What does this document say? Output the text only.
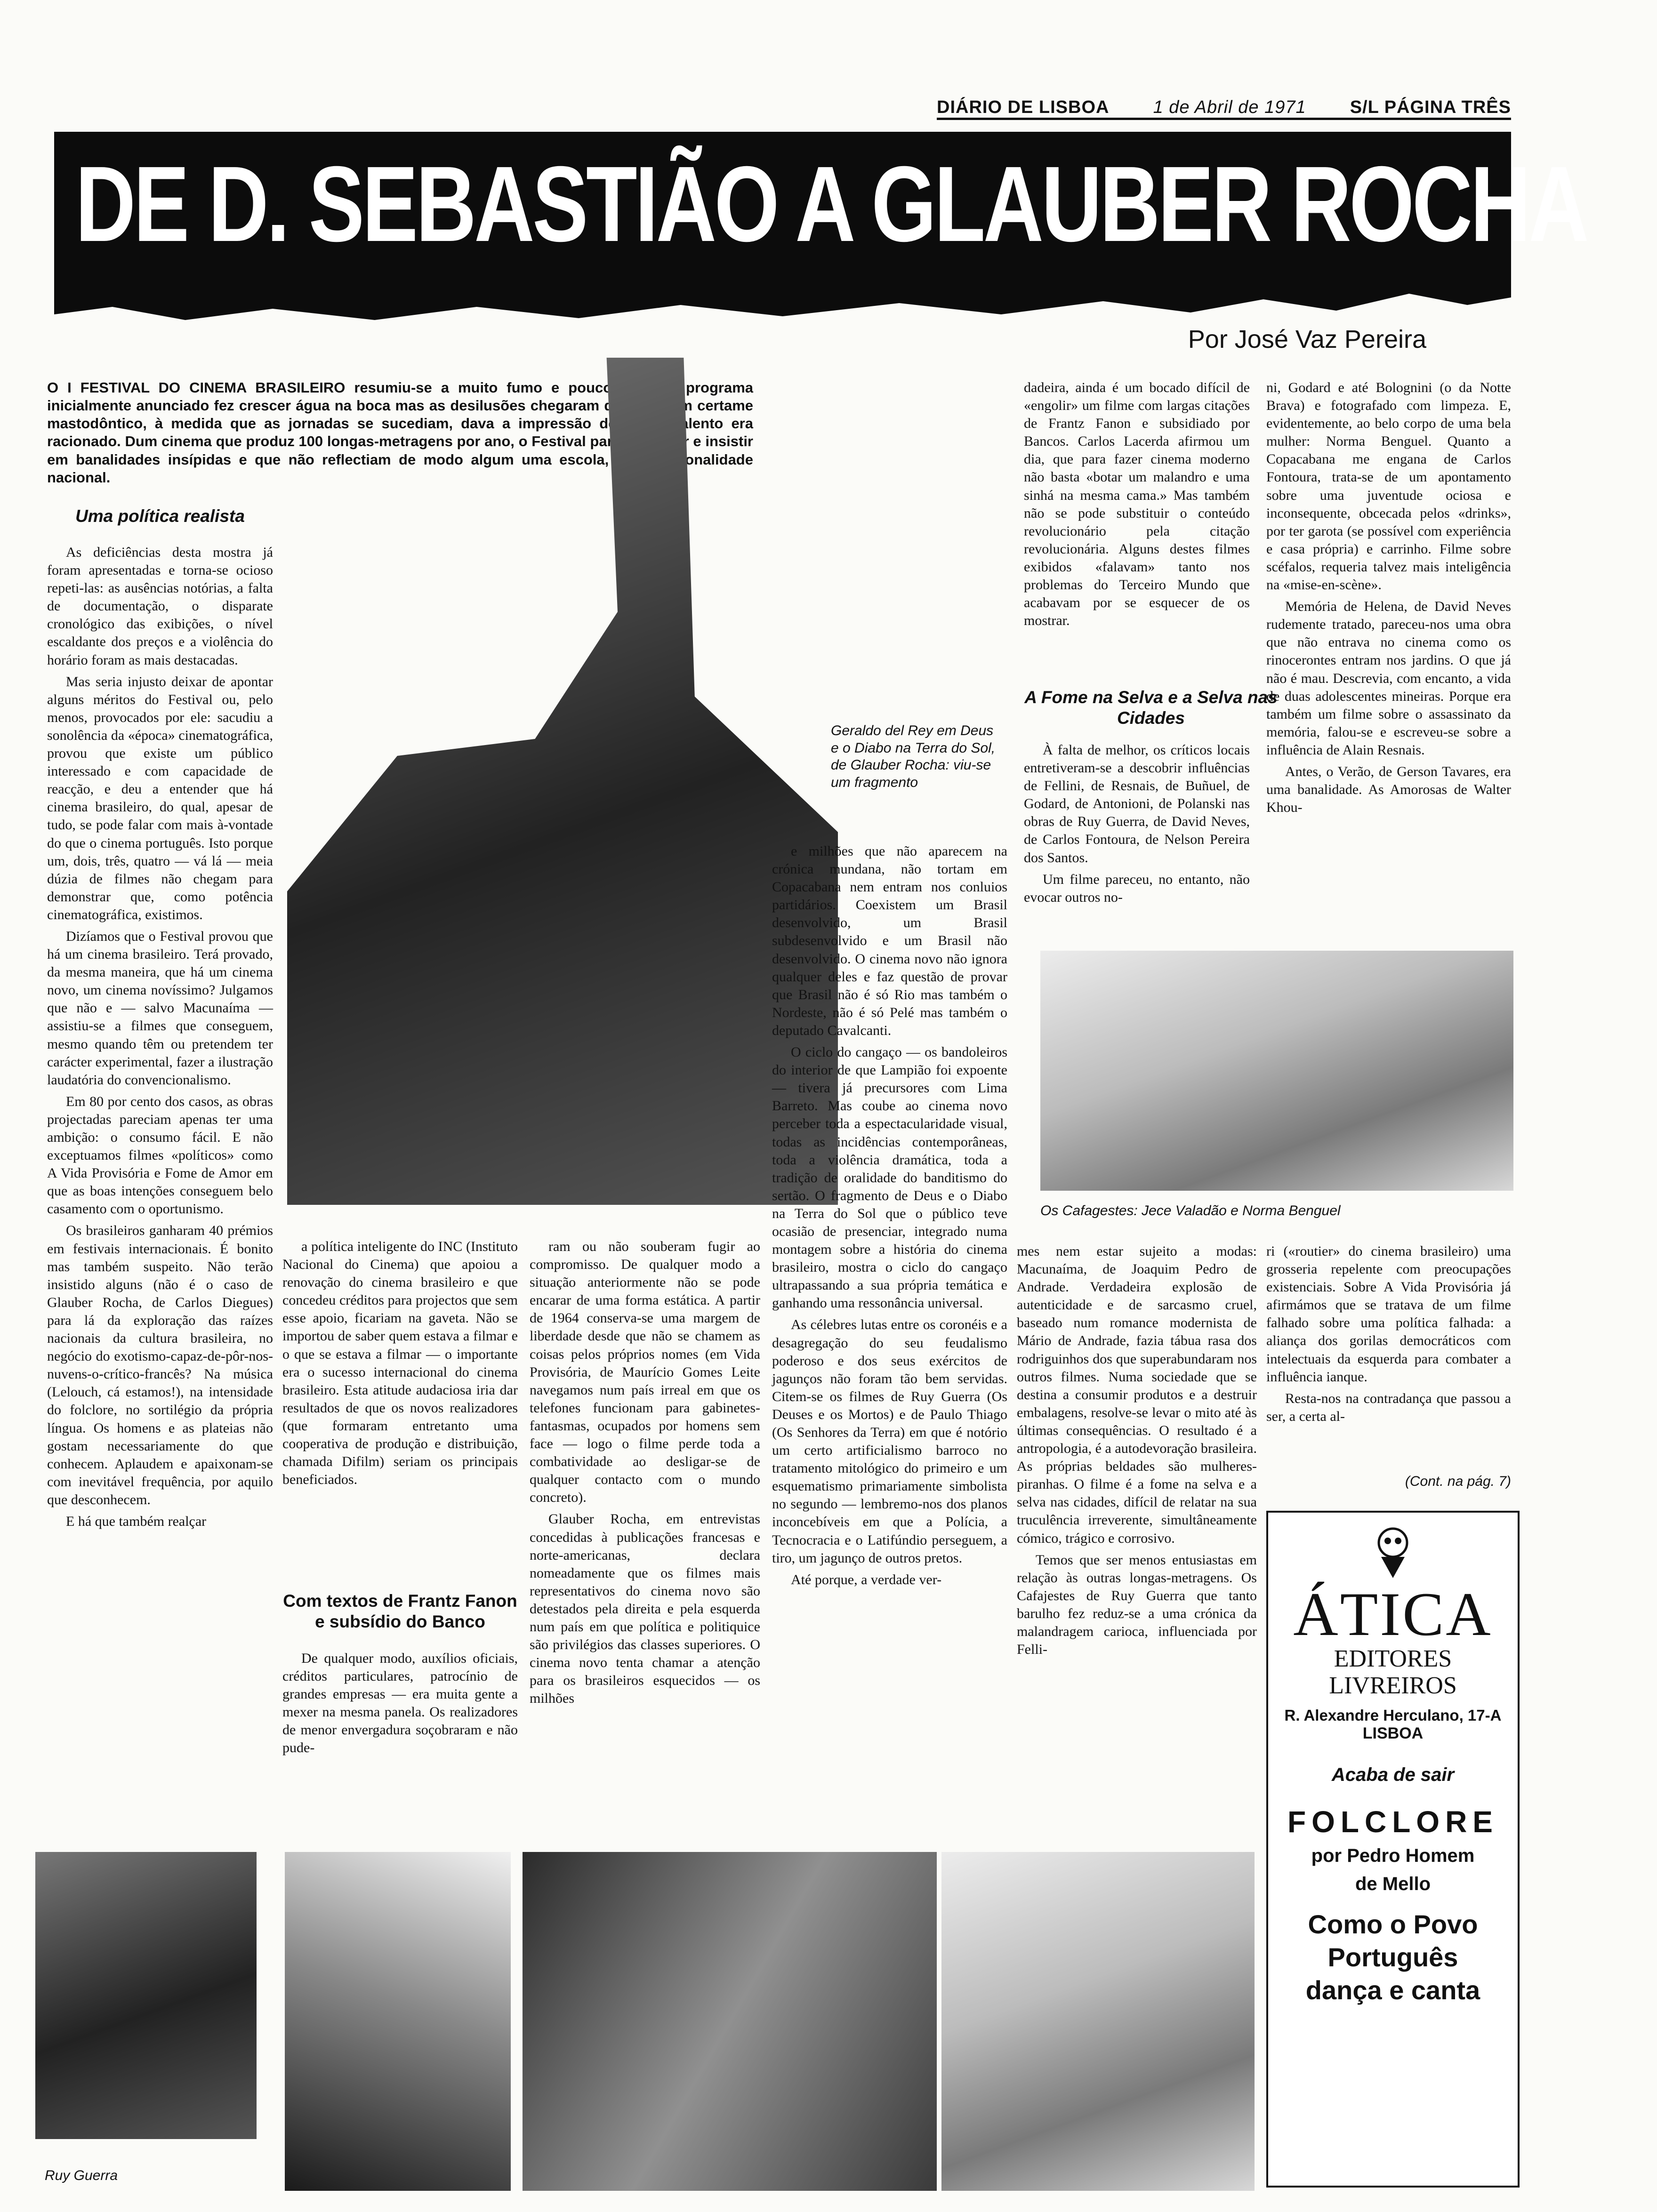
DIÁRIO DE LISBOA 1 de Abril de 1971 S/L PÁGINA TRÊS
DE D. SEBASTIÃO A GLAUBER ROCHA
Por José Vaz Pereira
O I FESTIVAL DO CINEMA BRASILEIRO resumiu-se a muito fumo e pouco fogo. O programa inicialmente anunciado fez crescer água na boca mas as desilusões chegaram depois. Num certame mastodôntico, à medida que as jornadas se sucediam, dava a impressão de que o talento era racionado. Dum cinema que produz 100 longas-metragens por ano, o Festival parecia teimar e insistir em banalidades insípidas e que não reflectiam de modo algum uma escola, uma personalidade nacional.
Geraldo del Rey em Deus e o Diabo na Terra do Sol, de Glauber Rocha: viu-se um fragmento
Uma política realista

As deficiências desta mostra já foram apresentadas e torna-se ocioso repeti-las: as ausências notórias, a falta de documentação, o disparate cronológico das exibições, o nível escaldante dos preços e a violência do horário foram as mais destacadas.

Mas seria injusto deixar de apontar alguns méritos do Festival ou, pelo menos, provocados por ele: sacudiu a sonolência da «época» cinematográfica, provou que existe um público interessado e com capacidade de reacção, e deu a entender que há cinema brasileiro, do qual, apesar de tudo, se pode falar com mais à-vontade do que o cinema português. Isto porque um, dois, três, quatro — vá lá — meia dúzia de filmes não chegam para demonstrar que, como potência cinematográfica, existimos.

Dizíamos que o Festival provou que há um cinema brasileiro. Terá provado, da mesma maneira, que há um cinema novo, um cinema novíssimo? Julgamos que não e — salvo Macunaíma — assistiu-se a filmes que conseguem, mesmo quando têm ou pretendem ter carácter experimental, fazer a ilustração laudatória do convencionalismo.

Em 80 por cento dos casos, as obras projectadas pareciam apenas ter uma ambição: o consumo fácil. E não exceptuamos filmes «políticos» como A Vida Provisória e Fome de Amor em que as boas intenções conseguem belo casamento com o oportunismo.

Os brasileiros ganharam 40 prémios em festivais internacionais. É bonito mas também suspeito. Não terão insistido alguns (não é o caso de Glauber Rocha, de Carlos Diegues) para lá da exploração das raízes nacionais da cultura brasileira, no negócio do exotismo-capaz-de-pôr-nos-nuvens-o-crítico-francês? Na música (Lelouch, cá estamos!), na intensidade do folclore, no sortilégio da própria língua. Os homens e as plateias não gostam necessariamente do que conhecem. Aplaudem e apaixonam-se com inevitável frequência, por aquilo que desconhecem.

E há que também realçar

a política inteligente do INC (Instituto Nacional do Cinema) que apoiou a renovação do cinema brasileiro e que concedeu créditos para projectos que sem esse apoio, ficariam na gaveta. Não se importou de saber quem estava a filmar e o que se estava a filmar — o importante era o sucesso internacional do cinema brasileiro. Esta atitude audaciosa iria dar resultados de que os novos realizadores (que formaram entretanto uma cooperativa de produção e distribuição, chamada Difilm) seriam os principais beneficiados.

Com textos de Frantz Fanon e subsídio do Banco

De qualquer modo, auxílios oficiais, créditos particulares, patrocínio de grandes empresas — era muita gente a mexer na mesma panela. Os realizadores de menor envergadura soçobraram e não pude-

ram ou não souberam fugir ao compromisso. De qualquer modo a situação anteriormente não se pode encarar de uma forma estática. A partir de 1964 conserva-se uma margem de liberdade desde que não se chamem as coisas pelos próprios nomes (em Vida Provisória, de Maurício Gomes Leite navegamos num país irreal em que os telefones funcionam para gabinetes-fantasmas, ocupados por homens sem face — logo o filme perde toda a combatividade ao desligar-se de qualquer contacto com o mundo concreto).

Glauber Rocha, em entrevistas concedidas à publicações francesas e norte-americanas, declara nomeadamente que os filmes mais representativos do cinema novo são detestados pela direita e pela esquerda num país em que política e politiquice são privilégios das classes superiores. O cinema novo tenta chamar a atenção para os brasileiros esquecidos — os milhões

e milhões que não aparecem na crónica mundana, não tortam em Copacabana nem entram nos conluios partidários. Coexistem um Brasil desenvolvido, um Brasil subdesenvolvido e um Brasil não desenvolvido. O cinema novo não ignora qualquer deles e faz questão de provar que Brasil não é só Rio mas também o Nordeste, não é só Pelé mas também o deputado Cavalcanti.

O ciclo do cangaço — os bandoleiros do interior de que Lampião foi expoente — tivera já precursores com Lima Barreto. Mas coube ao cinema novo perceber toda a espectacularidade visual, todas as incidências contemporâneas, toda a violência dramática, toda a tradição de oralidade do banditismo do sertão. O fragmento de Deus e o Diabo na Terra do Sol que o público teve ocasião de presenciar, integrado numa montagem sobre a história do cinema brasileiro, mostra o ciclo do cangaço ultrapassando a sua própria temática e ganhando uma ressonância universal.

As célebres lutas entre os coronéis e a desagregação do seu feudalismo poderoso e dos seus exércitos de jagunços não foram tão bem servidas. Citem-se os filmes de Ruy Guerra (Os Deuses e os Mortos) e de Paulo Thiago (Os Senhores da Terra) em que é notório um certo artificialismo barroco no tratamento mitológico do primeiro e um esquematismo primariamente simbolista no segundo — lembremo-nos dos planos inconcebíveis em que a Polícia, a Tecnocracia e o Latifúndio perseguem, a tiro, um jagunço de outros pretos.

Até porque, a verdade ver-

dadeira, ainda é um bocado difícil de «engolir» um filme com largas citações de Frantz Fanon e subsidiado por Bancos. Carlos Lacerda afirmou um dia, que para fazer cinema moderno não basta «botar um malandro e uma sinhá na mesma cama.» Mas também não se pode substituir o conteúdo revolucionário pela citação revolucionária. Alguns destes filmes exibidos «falavam» tanto nos problemas do Terceiro Mundo que acabavam por se esquecer de os mostrar.

A Fome na Selva e a Selva nas Cidades

À falta de melhor, os críticos locais entretiveram-se a descobrir influências de Fellini, de Resnais, de Buñuel, de Godard, de Antonioni, de Polanski nas obras de Ruy Guerra, de David Neves, de Carlos Fontoura, de Nelson Pereira dos Santos.

Um filme pareceu, no entanto, não evocar outros no-

ni, Godard e até Bolognini (o da Notte Brava) e fotografado com limpeza. E, evidentemente, ao belo corpo de uma bela mulher: Norma Benguel. Quanto a Copacabana me engana de Carlos Fontoura, trata-se de um apontamento sobre uma juventude ociosa e inconsequente, obcecada pelos «drinks», por ter garota (se possível com experiência e casa própria) e carrinho. Filme sobre scéfalos, requeria talvez mais inteligência na «mise-en-scène».

Memória de Helena, de David Neves rudemente tratado, pareceu-nos uma obra que não entrava no cinema como os rinocerontes entram nos jardins. O que já não é mau. Descrevia, com encanto, a vida de duas adolescentes mineiras. Porque era também um filme sobre o assassinato da memória, falou-se e escreveu-se sobre a influência de Alain Resnais.

Antes, o Verão, de Gerson Tavares, era uma banalidade. As Amorosas de Walter Khou-

Os Cafagestes: Jece Valadão e Norma Benguel

mes nem estar sujeito a modas: Macunaíma, de Joaquim Pedro de Andrade. Verdadeira explosão de autenticidade e de sarcasmo cruel, baseado num romance modernista de Mário de Andrade, fazia tábua rasa dos rodriguinhos dos que superabundaram nos outros filmes. Numa sociedade que se destina a consumir produtos e a destruir embalagens, resolve-se levar o mito até às últimas consequências. O resultado é a antropologia, é a autodevoração brasileira. As próprias beldades são mulheres-piranhas. O filme é a fome na selva e a selva nas cidades, difícil de relatar na sua truculência irreverente, simultâneamente cómico, trágico e corrosivo.

Temos que ser menos entusiastas em relação às outras longas-metragens. Os Cafajestes de Ruy Guerra que tanto barulho fez reduz-se a uma crónica da malandragem carioca, influenciada por Felli-

ri («routier» do cinema brasileiro) uma grosseria repelente com preocupações existenciais. Sobre A Vida Provisória já afirmámos que se tratava de um filme falhado sobre uma política falhada: a aliança dos gorilas democráticos com intelectuais da esquerda para combater a influência ianque.

Resta-nos na contradança que passou a ser, a certa al-

(Cont. na pág. 7)
ÁTICA
EDITORES LIVREIROS
R. Alexandre Herculano, 17-A
LISBOA
Acaba de sair
FOLCLORE
por Pedro Homem
de Mello
Como o Povo
Português
dança e canta
Ruy Guerra
